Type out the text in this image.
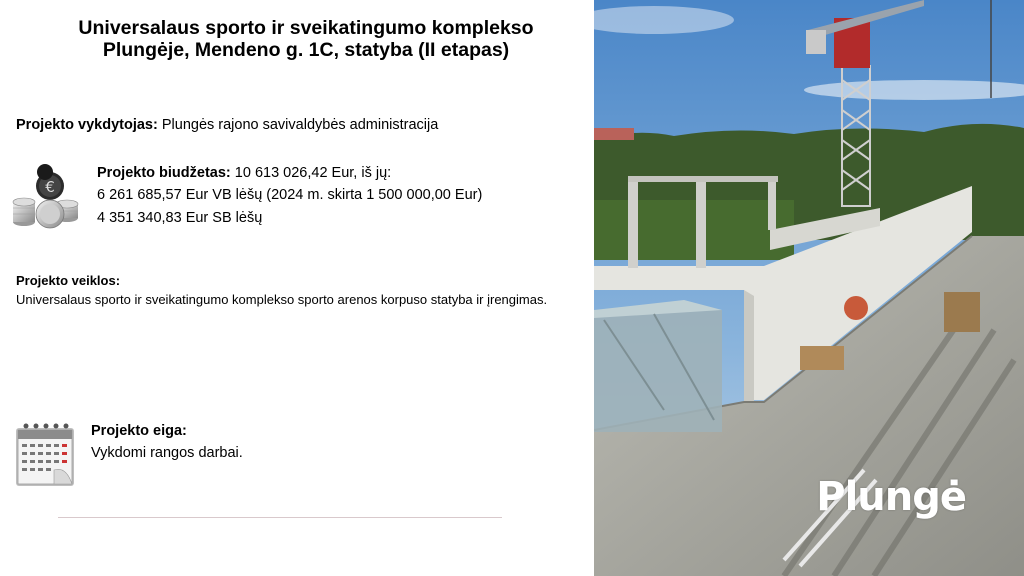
Universalaus sporto ir sveikatingumo komplekso
Plungėje, Mendeno g. 1C, statyba (II etapas)
Projekto vykdytojas: Plungės rajono savivaldybės administracija
€
Projekto biudžetas: 10 613 026,42 Eur, iš jų:
6 261 685,57 Eur VB lėšų (2024 m. skirta 1 500 000,00 Eur)
4 351 340,83 Eur SB lėšų
Projekto veiklos:
Universalaus sporto ir sveikatingumo komplekso sporto arenos korpuso statyba ir įrengimas.
Projekto eiga:
Vykdomi rangos darbai.
Plungė
